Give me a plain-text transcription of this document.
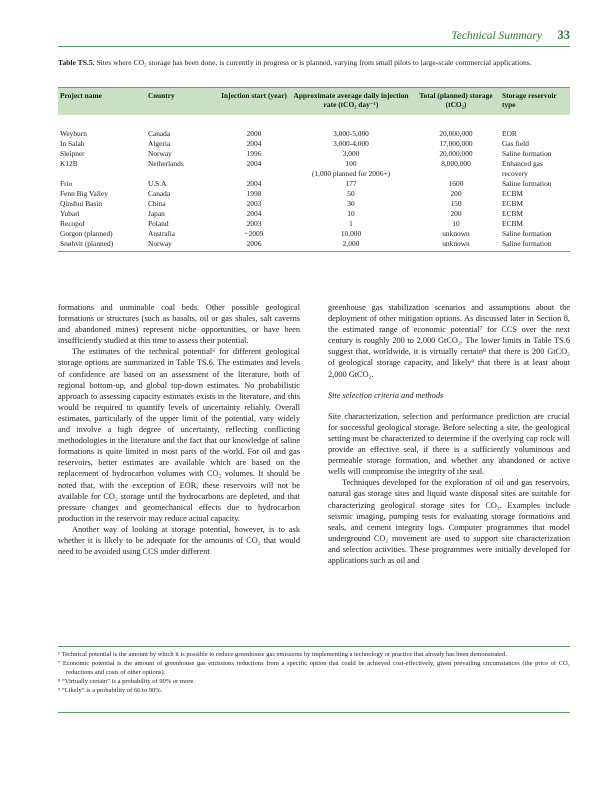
Technical Summary 33
Table TS.5. Sites where CO₂ storage has been done, is currently in progress or is planned, varying from small pilots to large-scale commercial applications.
Project name	Country	Injection start (year)	Approximate average daily injection rate (tCO₂ day⁻¹)	Total (planned) storage (tCO₂)	Storage reservoir type
Weyburn	Canada	2000	3,000-5,000	20,000,000	EOR
In Salah	Algeria	2004	3,000-4,000	17,000,000	Gas field
Sleipner	Norway	1996	3,000	20,000,000	Saline formation
K12B	Netherlands	2004	100	8,000,000	Enhanced gas
			(1,000 planned for 2006+)		recovery
Frio	U.S.A	2004	177	1600	Saline formation
Fenn Big Valley	Canada	1998	50	200	ECBM
Qinshui Basin	China	2003	30	150	ECBM
Yubari	Japan	2004	10	200	ECBM
Recopol	Poland	2003	1	10	ECBM
Gorgon (planned)	Australia	~2009	10,000	unknown	Saline formation
Snøhvit (planned)	Norway	2006	2,000	unknown	Saline formation

formations and unminable coal beds. Other possible geological formations or structures (such as basalts, oil or gas shales, salt caverns and abandoned mines) represent niche opportunities, or have been insufficiently studied at this time to assess their potential.

The estimates of the technical potential⁶ for different geological storage options are summarized in Table TS.6. The estimates and levels of confidence are based on an assessment of the literature, both of regional bottom-up, and global top-down estimates. No probabilistic approach to assessing capacity estimates exists in the literature, and this would be required to quantify levels of uncertainty reliably. Overall estimates, particularly of the upper limit of the potential, vary widely and involve a high degree of uncertainty, reflecting conflicting methodologies in the literature and the fact that our knowledge of saline formations is quite limited in most parts of the world. For oil and gas reservoirs, better estimates are available which are based on the replacement of hydrocarbon volumes with CO₂ volumes. It should be noted that, with the exception of EOR, these reservoirs will not be available for CO₂ storage until the hydrocarbons are depleted, and that pressure changes and geomechanical effects due to hydrocarbon production in the reservoir may reduce actual capacity.

Another way of looking at storage potential, however, is to ask whether it is likely to be adequate for the amounts of CO₂ that would need to be avoided using CCS under different

greenhouse gas stabilization scenarios and assumptions about the deployment of other mitigation options. As discussed later in Section 8, the estimated range of economic potential⁷ for CCS over the next century is roughly 200 to 2,000 GtCO₂. The lower limits in Table TS.6 suggest that, worldwide, it is virtually certain⁸ that there is 200 GtCO₂ of geological storage capacity, and likely⁹ that there is at least about 2,000 GtCO₂.

Site selection criteria and methods

Site characterization, selection and performance prediction are crucial for successful geological storage. Before selecting a site, the geological setting must be characterized to determine if the overlying cap rock will provide an effective seal, if there is a sufficiently voluminous and permeable storage formation, and whether any abandoned or active wells will compromise the integrity of the seal.

Techniques developed for the exploration of oil and gas reservoirs, natural gas storage sites and liquid waste disposal sites are suitable for characterizing geological storage sites for CO₂. Examples include seismic imaging, pumping tests for evaluating storage formations and seals, and cement integrity logs. Computer programmes that model underground CO₂ movement are used to support site characterization and selection activities. These programmes were initially developed for applications such as oil and

⁶ Technical potential is the amount by which it is possible to reduce greenhouse gas emissions by implementing a technology or practice that already has been demonstrated.
⁷ Economic potential is the amount of greenhouse gas emissions reductions from a specific option that could be achieved cost-effectively, given prevailing circumstances (the price of CO₂ reductions and costs of other options).
⁸ “Virtually certain” is a probability of 99% or more.
⁹ “Likely” is a probability of 66 to 90%.
